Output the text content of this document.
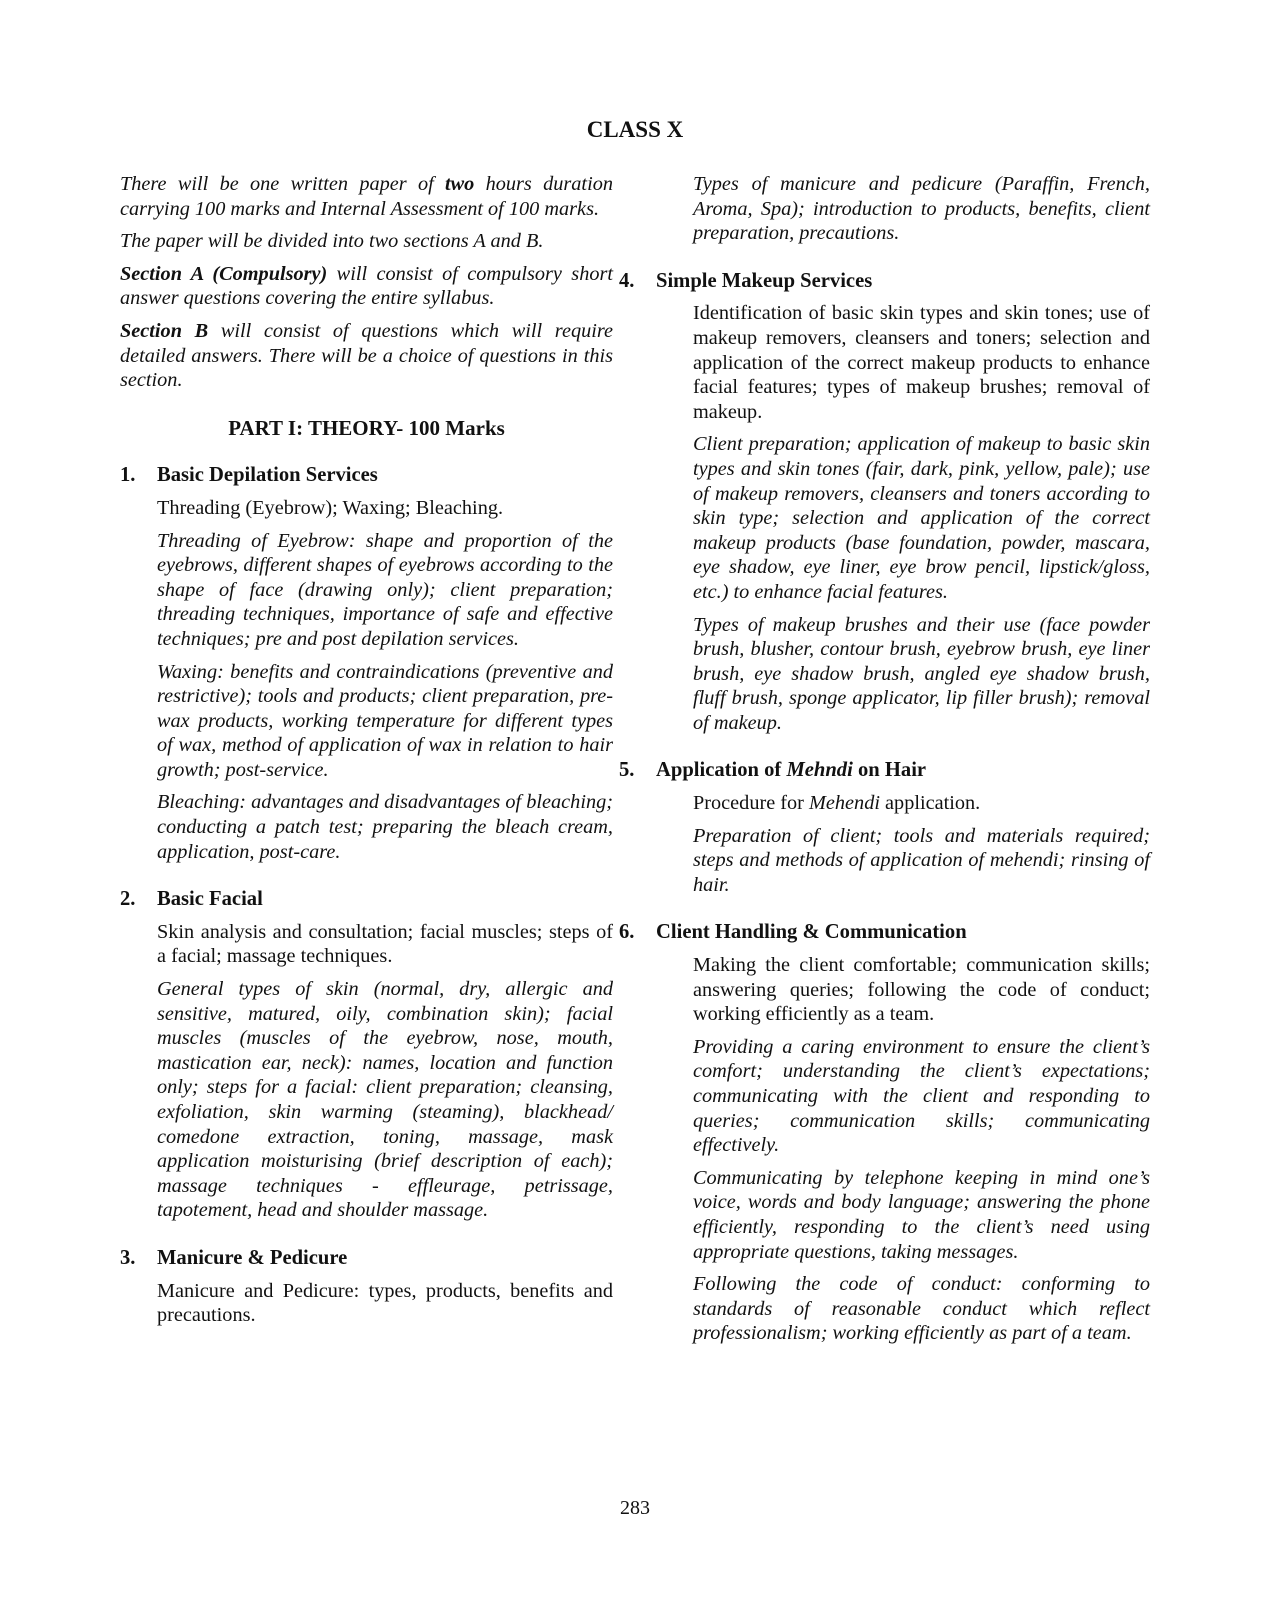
CLASS X

There will be one written paper of two hours duration carrying 100 marks and Internal Assessment of 100 marks.

The paper will be divided into two sections A and B.

Section A (Compulsory) will consist of compulsory short answer questions covering the entire syllabus.

Section B will consist of questions which will require detailed answers. There will be a choice of questions in this section.

PART I: THEORY- 100 Marks

1. Basic Depilation Services

Threading (Eyebrow); Waxing; Bleaching.

Threading of Eyebrow: shape and proportion of the eyebrows, different shapes of eyebrows according to the shape of face (drawing only); client preparation; threading techniques, importance of safe and effective techniques; pre and post depilation services.

Waxing: benefits and contraindications (preventive and restrictive); tools and products; client preparation, pre-wax products, working temperature for different types of wax, method of application of wax in relation to hair growth; post-service.

Bleaching: advantages and disadvantages of bleaching; conducting a patch test; preparing the bleach cream, application, post-care.

2. Basic Facial

Skin analysis and consultation; facial muscles; steps of a facial; massage techniques.

General types of skin (normal, dry, allergic and sensitive, matured, oily, combination skin); facial muscles (muscles of the eyebrow, nose, mouth, mastication ear, neck): names, location and function only; steps for a facial: client preparation; cleansing, exfoliation, skin warming (steaming), blackhead/ comedone extraction, toning, massage, mask application moisturising (brief description of each); massage techniques - effleurage, petrissage, tapotement, head and shoulder massage.

3. Manicure & Pedicure

Manicure and Pedicure: types, products, benefits and precautions.

Types of manicure and pedicure (Paraffin, French, Aroma, Spa); introduction to products, benefits, client preparation, precautions.

4. Simple Makeup Services

Identification of basic skin types and skin tones; use of makeup removers, cleansers and toners; selection and application of the correct makeup products to enhance facial features; types of makeup brushes; removal of makeup.

Client preparation; application of makeup to basic skin types and skin tones (fair, dark, pink, yellow, pale); use of makeup removers, cleansers and toners according to skin type; selection and application of the correct makeup products (base foundation, powder, mascara, eye shadow, eye liner, eye brow pencil, lipstick/gloss, etc.) to enhance facial features.

Types of makeup brushes and their use (face powder brush, blusher, contour brush, eyebrow brush, eye liner brush, eye shadow brush, angled eye shadow brush, fluff brush, sponge applicator, lip filler brush); removal of makeup.

5. Application of Mehndi on Hair

Procedure for Mehendi application.

Preparation of client; tools and materials required; steps and methods of application of mehendi; rinsing of hair.

6. Client Handling & Communication

Making the client comfortable; communication skills; answering queries; following the code of conduct; working efficiently as a team.

Providing a caring environment to ensure the client’s comfort; understanding the client’s expectations; communicating with the client and responding to queries; communication skills; communicating effectively.

Communicating by telephone keeping in mind one’s voice, words and body language; answering the phone efficiently, responding to the client’s need using appropriate questions, taking messages.

Following the code of conduct: conforming to standards of reasonable conduct which reflect professionalism; working efficiently as part of a team.

283
